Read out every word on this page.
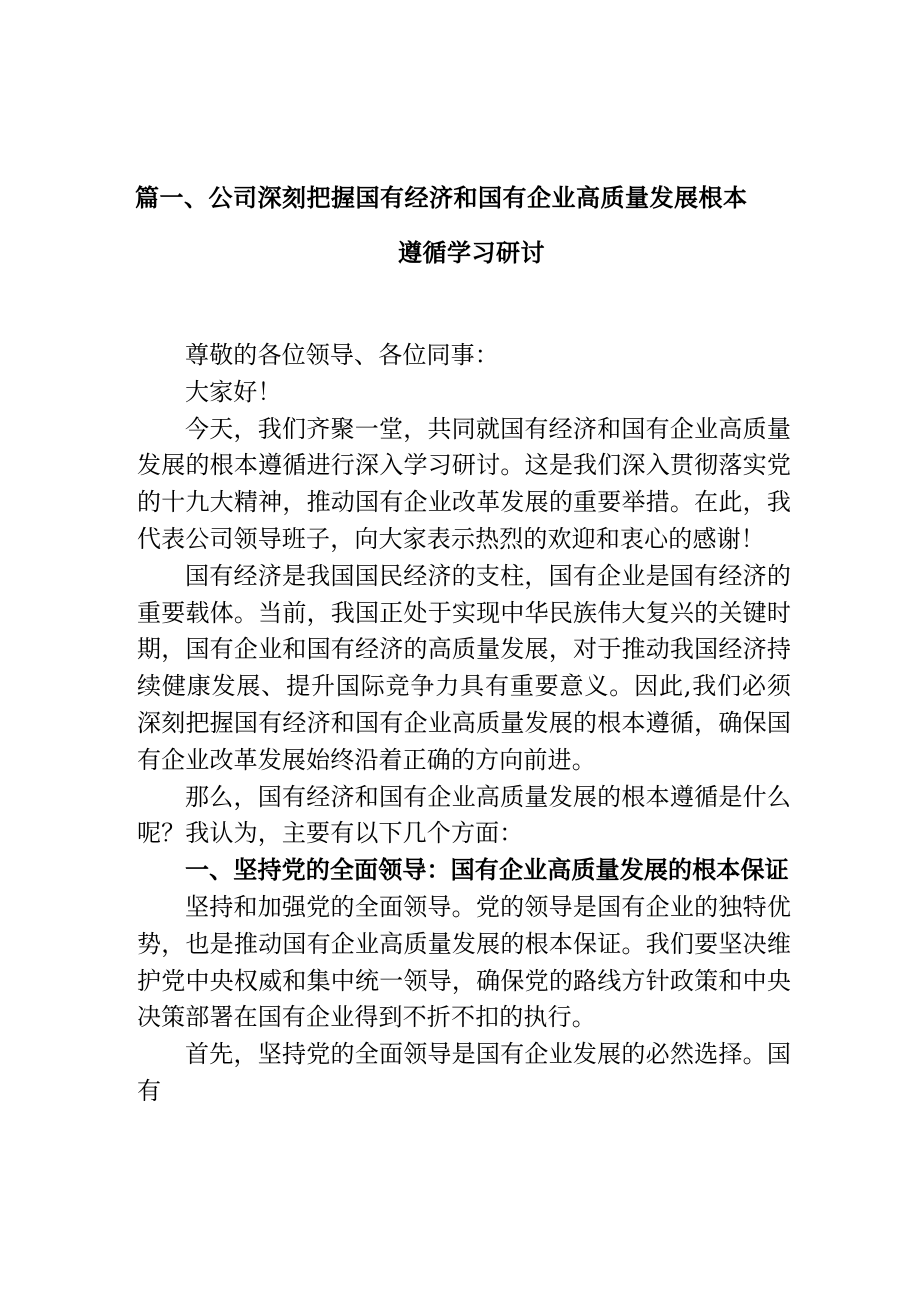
篇一、公司深刻把握国有经济和国有企业高质量发展根本
遵循学习研讨

尊敬的各位领导、各位同事：

大家好！

今天，我们齐聚一堂，共同就国有经济和国有企业高质量发展的根本遵循进行深入学习研讨。这是我们深入贯彻落实党的十九大精神，推动国有企业改革发展的重要举措。在此，我代表公司领导班子，向大家表示热烈的欢迎和衷心的感谢！

国有经济是我国国民经济的支柱，国有企业是国有经济的重要载体。当前，我国正处于实现中华民族伟大复兴的关键时期，国有企业和国有经济的高质量发展，对于推动我国经济持续健康发展、提升国际竞争力具有重要意义。因此,我们必须深刻把握国有经济和国有企业高质量发展的根本遵循，确保国有企业改革发展始终沿着正确的方向前进。

那么，国有经济和国有企业高质量发展的根本遵循是什么呢？我认为，主要有以下几个方面：

一、坚持党的全面领导：国有企业高质量发展的根本保证

坚持和加强党的全面领导。党的领导是国有企业的独特优势，也是推动国有企业高质量发展的根本保证。我们要坚决维护党中央权威和集中统一领导，确保党的路线方针政策和中央决策部署在国有企业得到不折不扣的执行。

首先，坚持党的全面领导是国有企业发展的必然选择。国有
